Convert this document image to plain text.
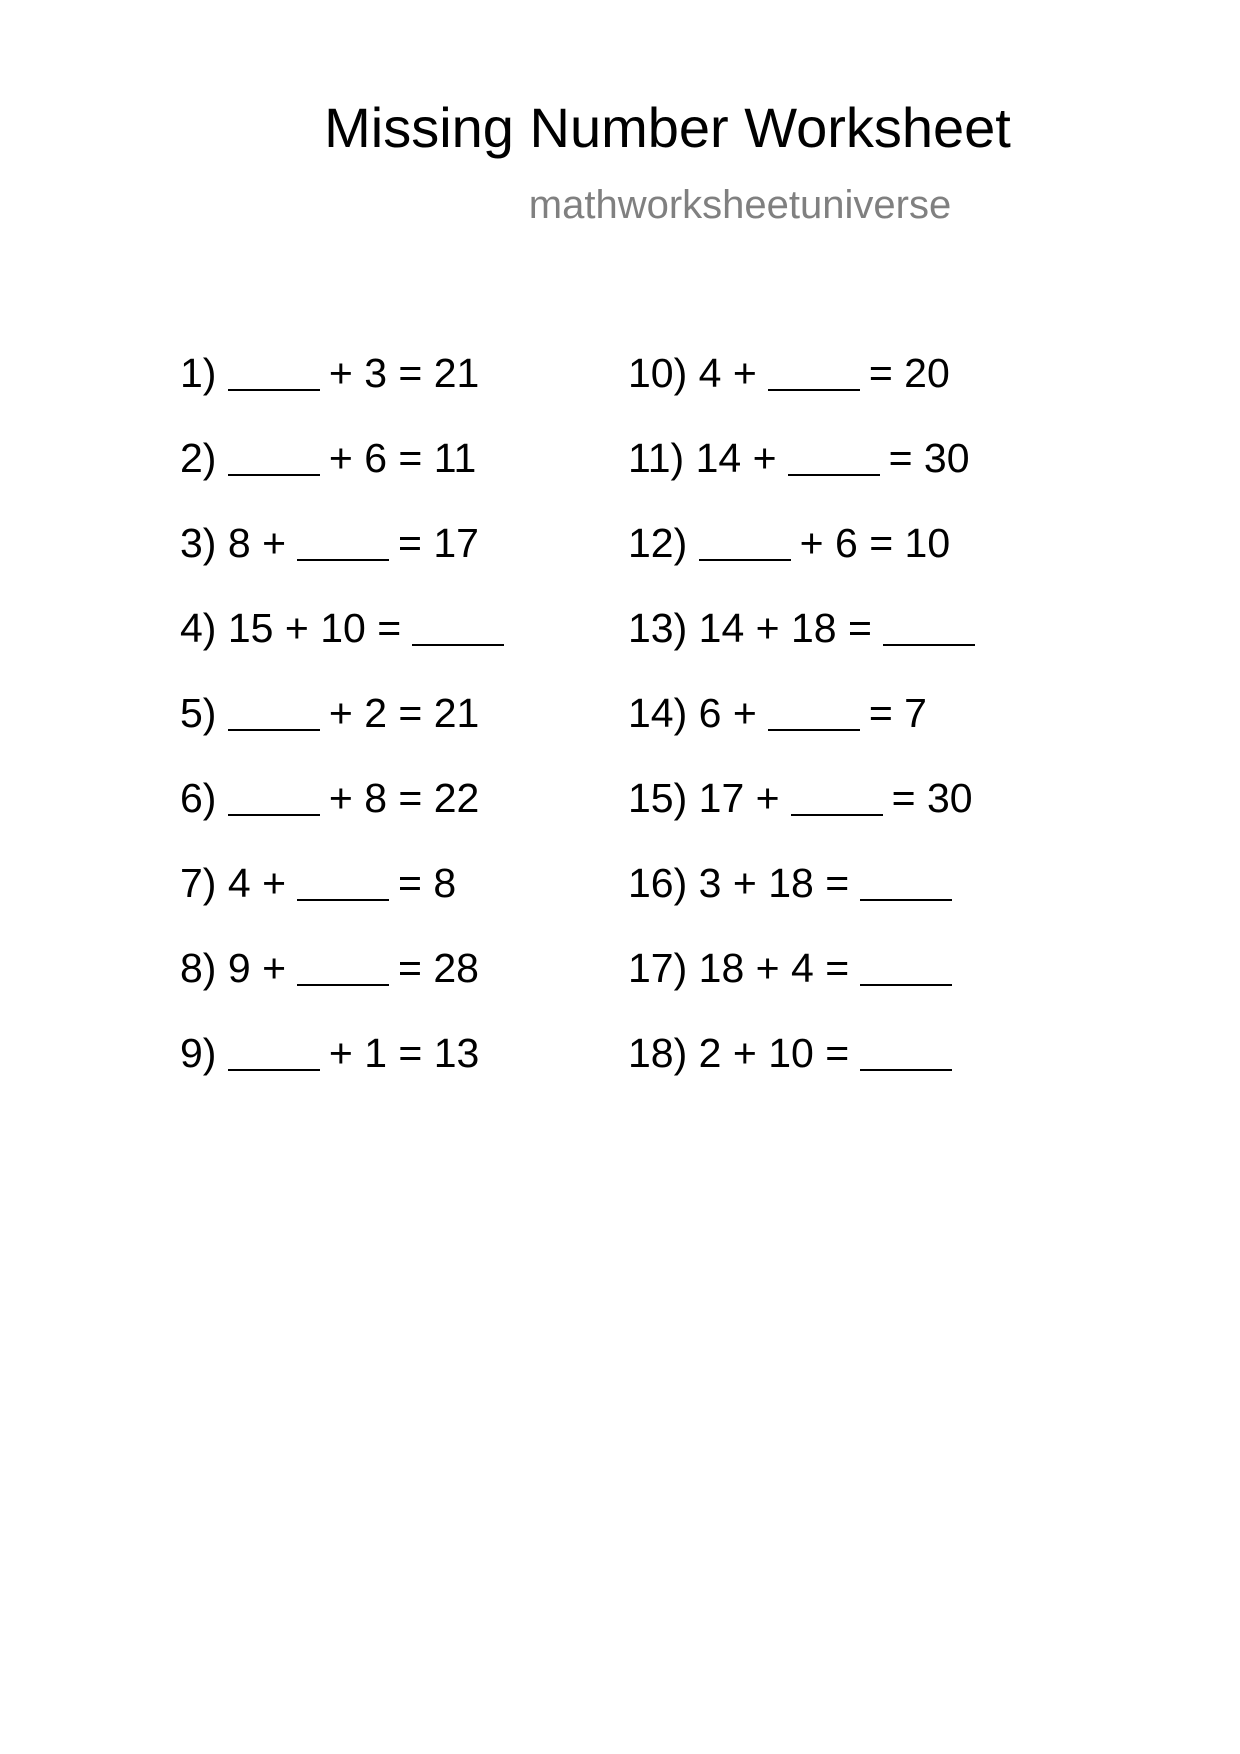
Missing Number Worksheet
mathworksheetuniverse
1)	+ 3 = 21
2)	+ 6 = 11
3) 8 +	= 17
4) 15 + 10 =
5)	+ 2 = 21
6)	+ 8 = 22
7) 4 +	= 8
8) 9 +	= 28
9)	+ 1 = 13
10) 4 +	= 20
11) 14 +	= 30
12)	+ 6 = 10
13) 14 + 18 =
14) 6 +	= 7
15) 17 +	= 30
16) 3 + 18 =
17) 18 + 4 =
18) 2 + 10 =
